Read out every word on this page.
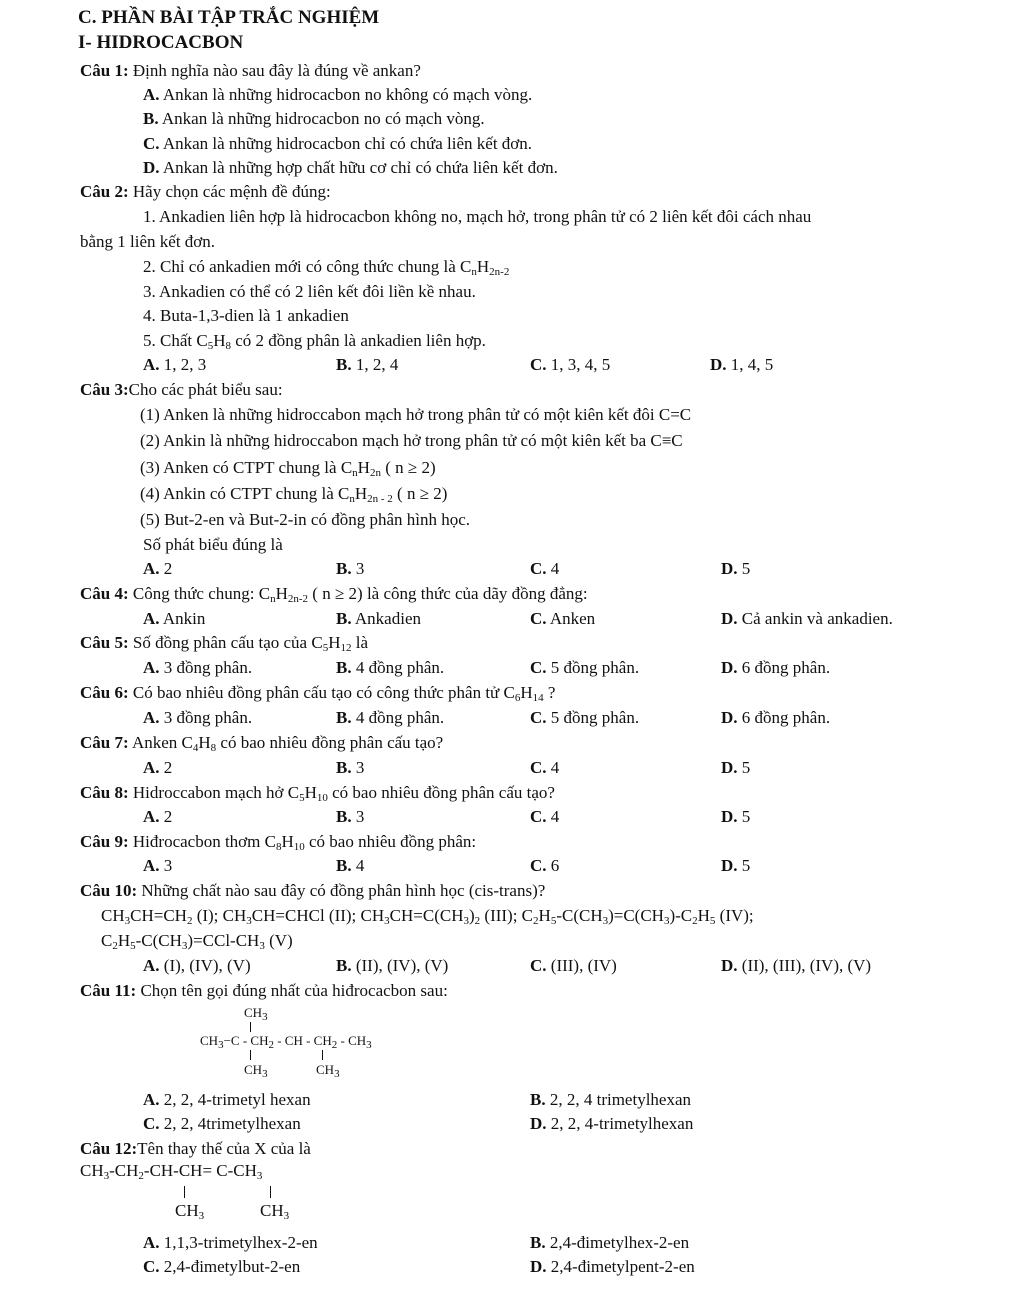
C. PHẦN BÀI TẬP TRẮC NGHIỆM
I- HIDROCACBON
Câu 1: Định nghĩa nào sau đây là đúng về ankan?
A. Ankan là những hidrocacbon no không có mạch vòng.
B. Ankan là những hidrocacbon no có mạch vòng.
C. Ankan là những hidrocacbon chỉ có chứa liên kết đơn.
D. Ankan là những hợp chất hữu cơ chỉ có chứa liên kết đơn.
Câu 2: Hãy chọn các mệnh đề đúng:
1. Ankadien liên hợp là hidrocacbon không no, mạch hở, trong phân tử có 2 liên kết đôi cách nhau
bằng 1 liên kết đơn.
2. Chỉ có ankadien mới có công thức chung là $C_nH_{2n-2}$
3. Ankadien có thể có 2 liên kết đôi liền kề nhau.
4. Buta-1,3-dien là 1 ankadien
5. Chất $C_5H_8$ có 2 đồng phân là ankadien liên hợp.
A. 1, 2, 3	B. 1, 2, 4	C. 1, 3, 4, 5	D. 1, 4, 5
Câu 3:Cho các phát biểu sau:
(1) Anken là những hidroccabon mạch hở trong phân tử có một kiên kết đôi C=C
(2) Ankin là những hidroccabon mạch hở trong phân tử có một kiên kết ba C≡C
(3) Anken có CTPT chung là $C_nH_{2n}$ ( n ≥ 2)
(4) Ankin có CTPT chung là $C_nH_{2n - 2}$ ( n ≥ 2)
(5) But-2-en và But-2-in có đồng phân hình học.
Số phát biểu đúng là
A. 2	B. 3	C. 4	D. 5
Câu 4: Công thức chung: $C_nH_{2n-2}$ ( n ≥ 2) là công thức của dãy đồng đẳng:
A. Ankin	B. Ankadien	C. Anken	D. Cả ankin và ankadien.
Câu 5: Số đồng phân cấu tạo của $C_5H_{12}$ là
A. 3 đồng phân.	B. 4 đồng phân.	C. 5 đồng phân.	D. 6 đồng phân.
Câu 6: Có bao nhiêu đồng phân cấu tạo có công thức phân tử $C_6H_{14}$ ?
A. 3 đồng phân.	B. 4 đồng phân.	C. 5 đồng phân.	D. 6 đồng phân.
Câu 7: Anken $C_4H_8$ có bao nhiêu đồng phân cấu tạo?
A. 2	B. 3	C. 4	D. 5
Câu 8: Hidroccabon mạch hở $C_5H_{10}$ có bao nhiêu đồng phân cấu tạo?
A. 2	B. 3	C. 4	D. 5
Câu 9: Hiđrocacbon thơm $C_8H_{10}$ có bao nhiêu đồng phân:
A. 3	B. 4	C. 6	D. 5
Câu 10: Những chất nào sau đây có đồng phân hình học (cis-trans)?
$CH_3CH=CH_2$ (I); $CH_3CH=CHCl$ (II); $CH_3CH=C(CH_3)_2$ (III); $C_2H_5-C(CH_3)=C(CH_3)-C_2H_5$ (IV);
$C_2H_5-C(CH_3)=CCl-CH_3$ (V)
A. (I), (IV), (V)	B. (II), (IV), (V)	C. (III), (IV)	D. (II), (III), (IV), (V)
Câu 11: Chọn tên gọi đúng nhất của hiđrocacbon sau:
$CH_3$
$CH_3-C - CH_2$ - CH - $CH_2 - CH_3$
$CH_3$	$CH_3$
A. 2, 2, 4-trimetyl hexan	B. 2, 2, 4 trimetylhexan
C. 2, 2, 4trimetylhexan	D. 2, 2, 4-trimetylhexan
Câu 12:Tên thay thế của X của là
$CH_3-CH_2-CH-CH= C-CH_3$
$CH_3$	$CH_3$
A. 1,1,3-trimetylhex-2-en	B. 2,4-đimetylhex-2-en
C. 2,4-đimetylbut-2-en	D. 2,4-đimetylpent-2-en
